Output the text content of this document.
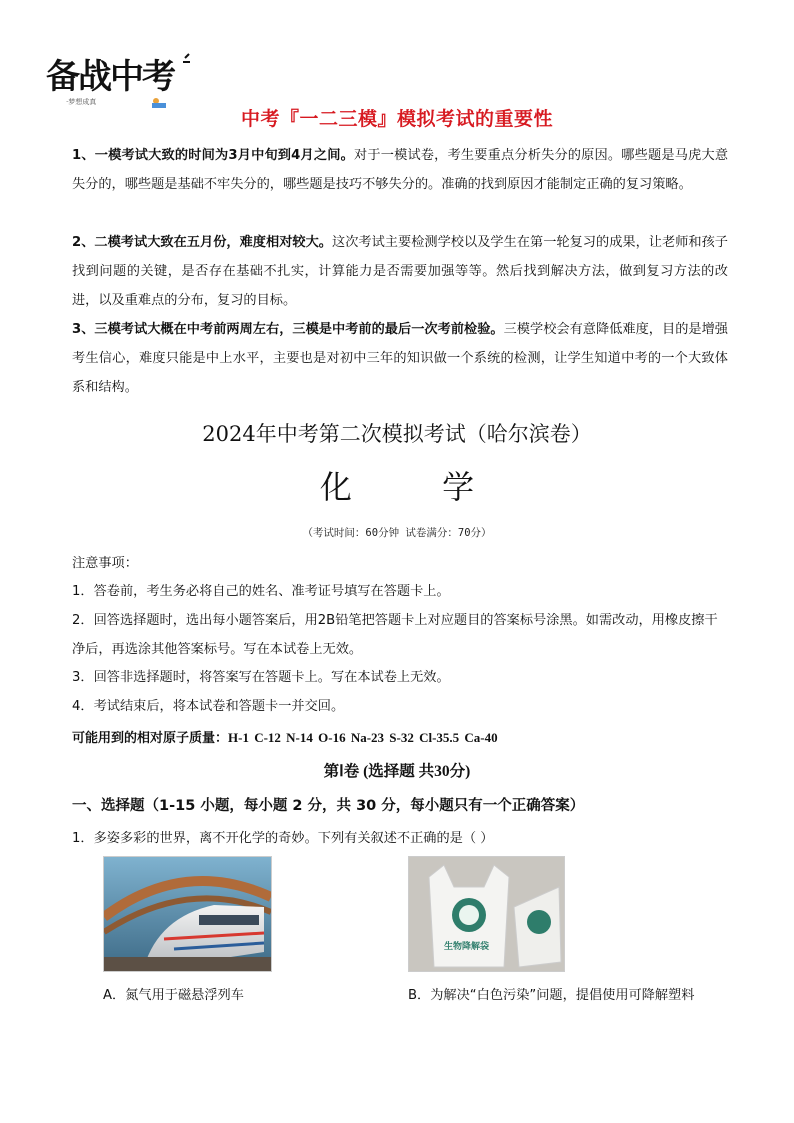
备战中考
·梦想成真
中考『一二三模』模拟考试的重要性
1、一模考试大致的时间为3月中旬到4月之间。对于一模试卷，考生要重点分析失分的原因。哪些题是马虎大意失分的，哪些题是基础不牢失分的，哪些题是技巧不够失分的。准确的找到原因才能制定正确的复习策略。
2、二模考试大致在五月份，难度相对较大。这次考试主要检测学校以及学生在第一轮复习的成果，让老师和孩子找到问题的关键，是否存在基础不扎实，计算能力是否需要加强等等。然后找到解决方法，做到复习方法的改进，以及重难点的分布，复习的目标。
3、三模考试大概在中考前两周左右，三模是中考前的最后一次考前检验。三模学校会有意降低难度，目的是增强考生信心，难度只能是中上水平，主要也是对初中三年的知识做一个系统的检测，让学生知道中考的一个大致体系和结构。
2024年中考第二次模拟考试（哈尔滨卷）
化 学
（考试时间：60分钟 试卷满分：70分）
注意事项：
1．答卷前，考生务必将自己的姓名、准考证号填写在答题卡上。
2．回答选择题时，选出每小题答案后，用2B铅笔把答题卡上对应题目的答案标号涂黑。如需改动，用橡皮擦干净后，再选涂其他答案标号。写在本试卷上无效。
3．回答非选择题时，将答案写在答题卡上。写在本试卷上无效。
4．考试结束后，将本试卷和答题卡一并交回。
可能用到的相对原子质量：H-1 C-12 N-14 O-16 Na-23 S-32 Cl-35.5 Ca-40
第Ⅰ卷 (选择题 共30分)
一、选择题（1-15 小题，每小题 2 分，共 30 分，每小题只有一个正确答案）
1．多姿多彩的世界，离不开化学的奇妙。下列有关叙述不正确的是（ ）
生物降解袋
A．氮气用于磁悬浮列车	B．为解决“白色污染”问题，提倡使用可降解塑料
